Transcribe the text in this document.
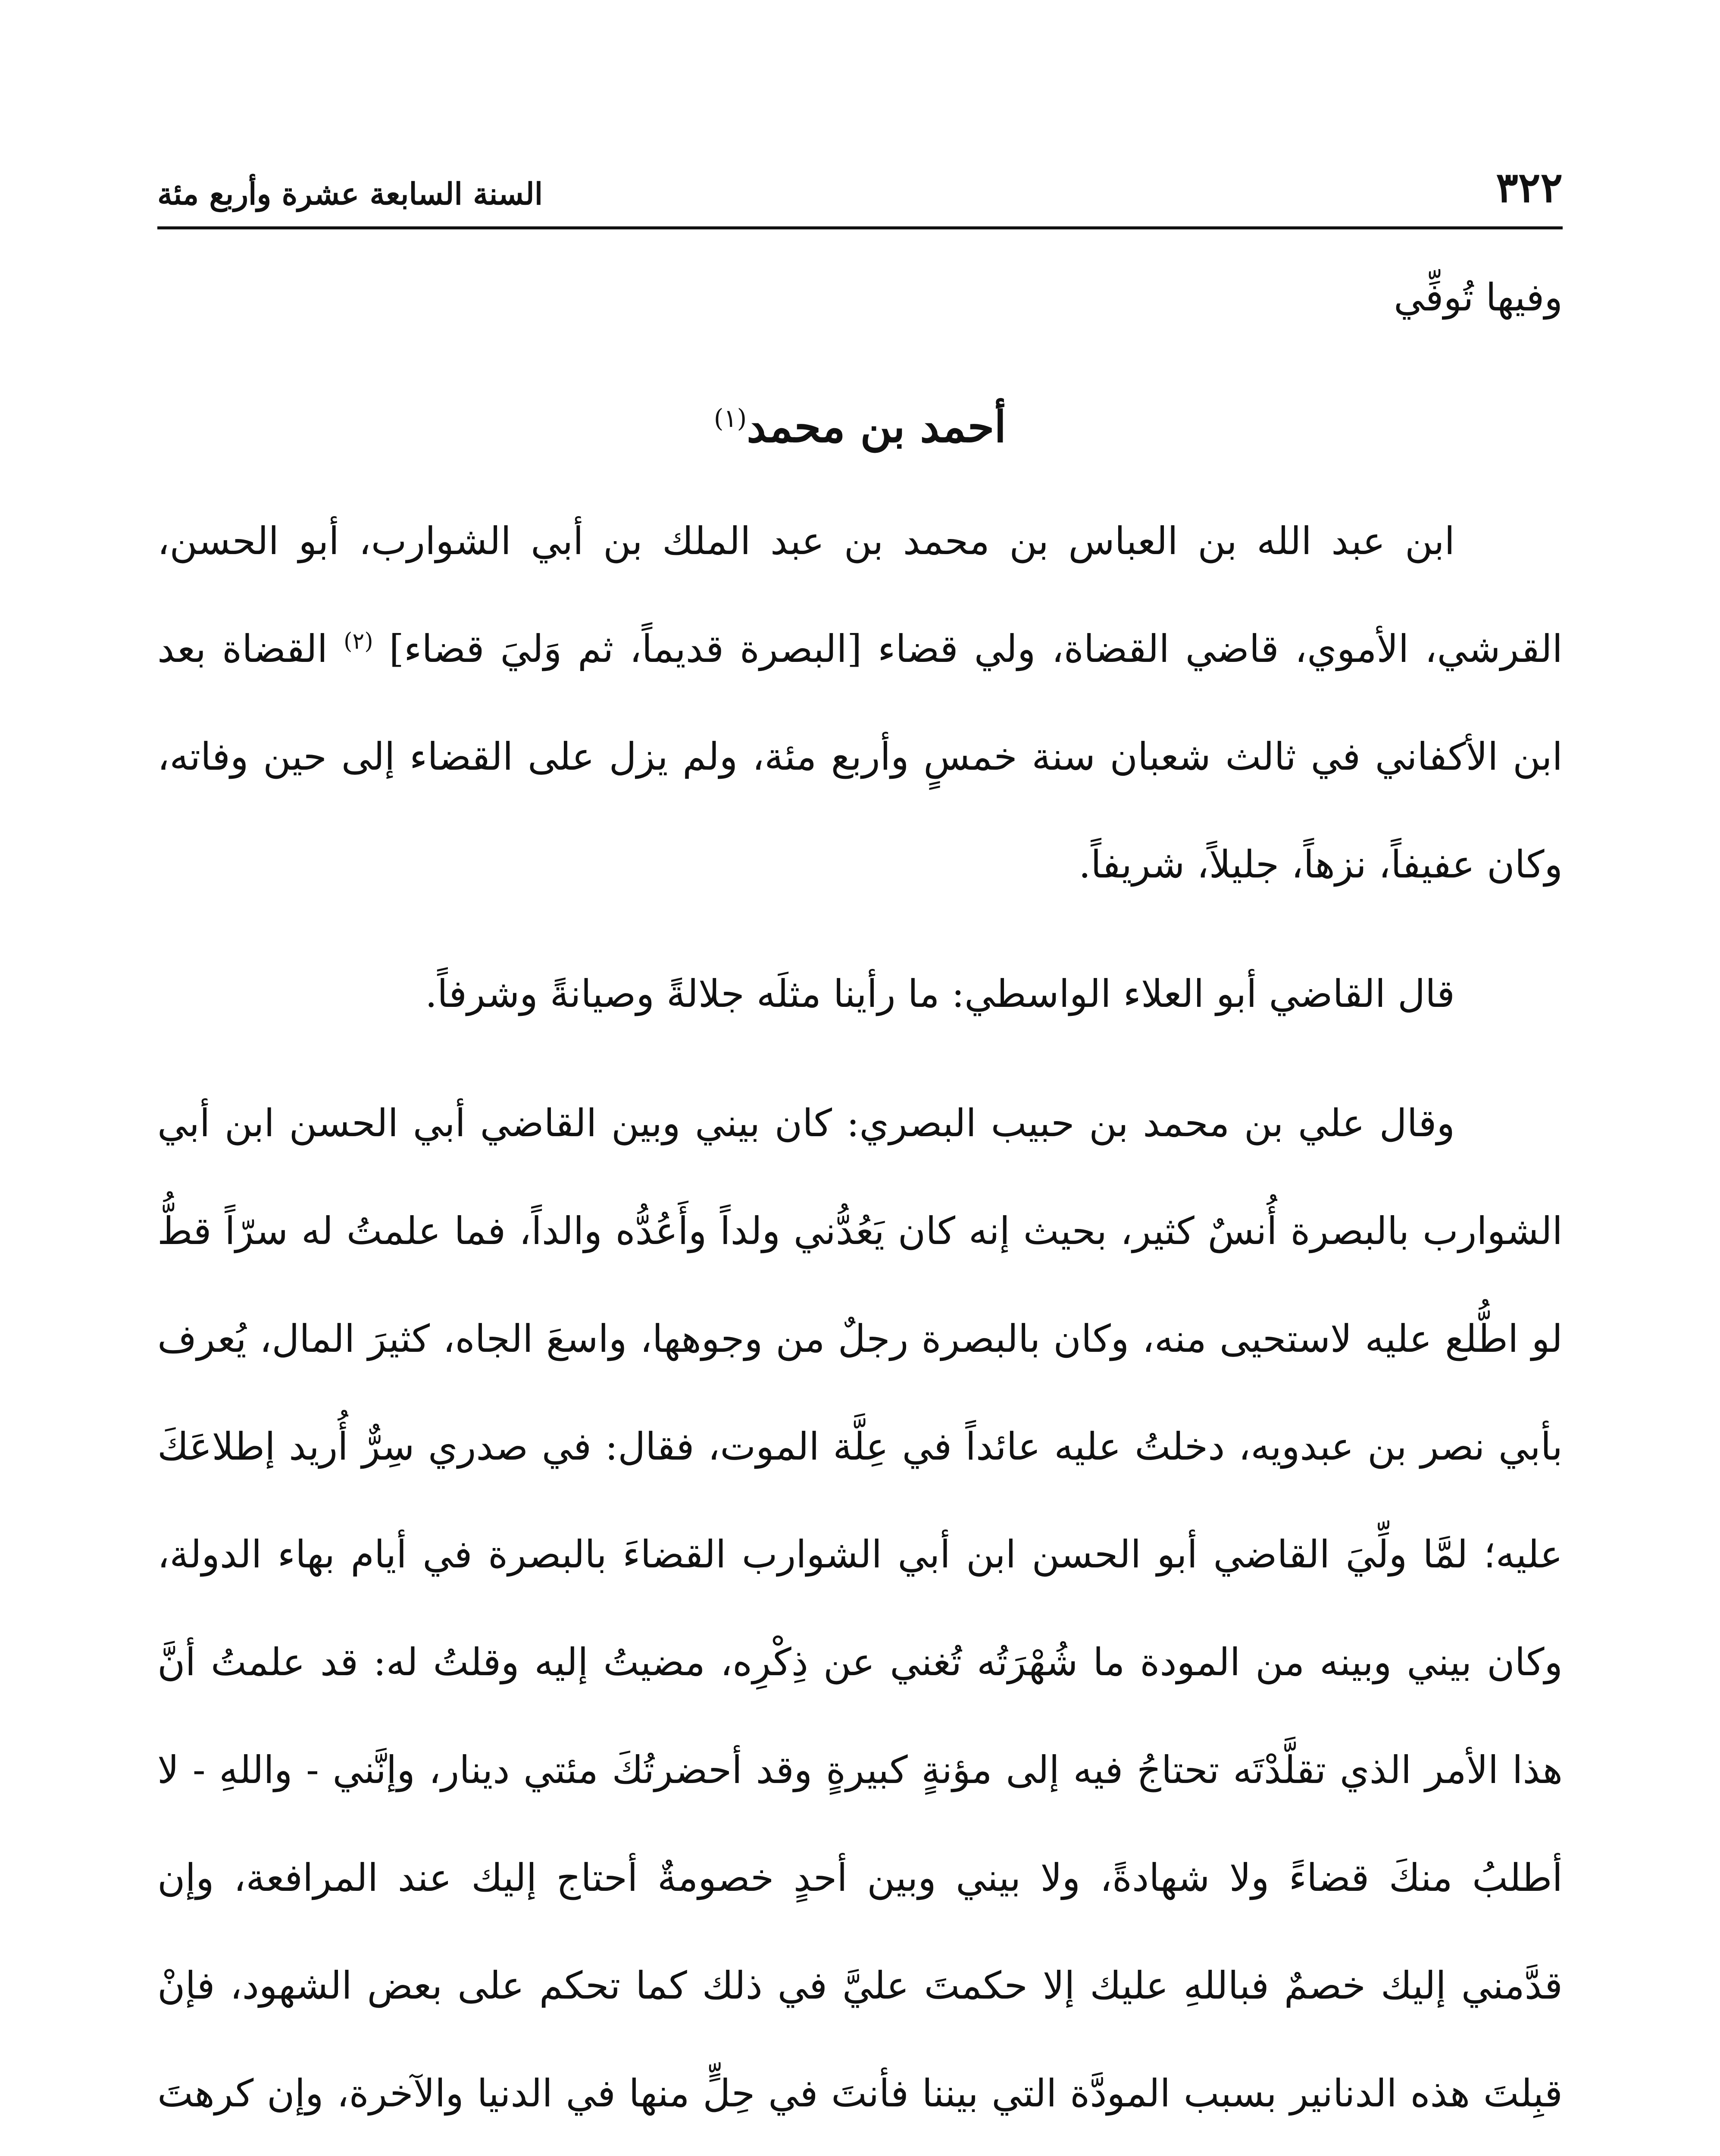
٣٢٢
السنة السابعة عشرة وأربع مئة
وفيها تُوفِّي
أحمد بن محمد$^{(١)}$

ابن عبد الله بن العباس بن محمد بن عبد الملك بن أبي الشوارب، أبو الحسن، القرشي، الأموي، قاضي القضاة، ولي قضاء [البصرة قديماً، ثم وَليَ قضاء] $^{(٢)}$ القضاة بعد ابن الأكفاني في ثالث شعبان سنة خمسٍ وأربع مئة، ولم يزل على القضاء إلى حين وفاته، وكان عفيفاً، نزهاً، جليلاً، شريفاً.

قال القاضي أبو العلاء الواسطي: ما رأينا مثلَه جلالةً وصيانةً وشرفاً.

وقال علي بن محمد بن حبيب البصري: كان بيني وبين القاضي أبي الحسن ابن أبي الشوارب بالبصرة أُنسٌ كثير، بحيث إنه كان يَعُدُّني ولداً وأَعُدُّه والداً، فما علمتُ له سرّاً قطُّ لو اطُّلع عليه لاستحيى منه، وكان بالبصرة رجلٌ من وجوهها، واسعَ الجاه، كثيرَ المال، يُعرف بأبي نصر بن عبدويه، دخلتُ عليه عائداً في عِلَّة الموت، فقال: في صدري سِرٌّ أُريد إطلاعَكَ عليه؛ لمَّا ولِّيَ القاضي أبو الحسن ابن أبي الشوارب القضاءَ بالبصرة في أيام بهاء الدولة، وكان بيني وبينه من المودة ما شُهْرَتُه تُغني عن ذِكْرِه، مضيتُ إليه وقلتُ له: قد علمتُ أنَّ هذا الأمر الذي تقلَّدْتَه تحتاجُ فيه إلى مؤنةٍ كبيرةٍ وقد أحضرتُكَ مئتي دينار، وإنَّني - واللهِ - لا أطلبُ منكَ قضاءً ولا شهادةً، ولا بيني وبين أحدٍ خصومةٌ أحتاج إليك عند المرافعة، وإن قدَّمني إليك خصمٌ فباللهِ عليك إلا حكمتَ عليَّ في ذلك كما تحكم على بعض الشهود، فإنْ قبِلتَ هذه الدنانير بسبب المودَّة التي بيننا فأنتَ في حِلٍّ منها في الدنيا والآخرة، وإن كرهتَ
